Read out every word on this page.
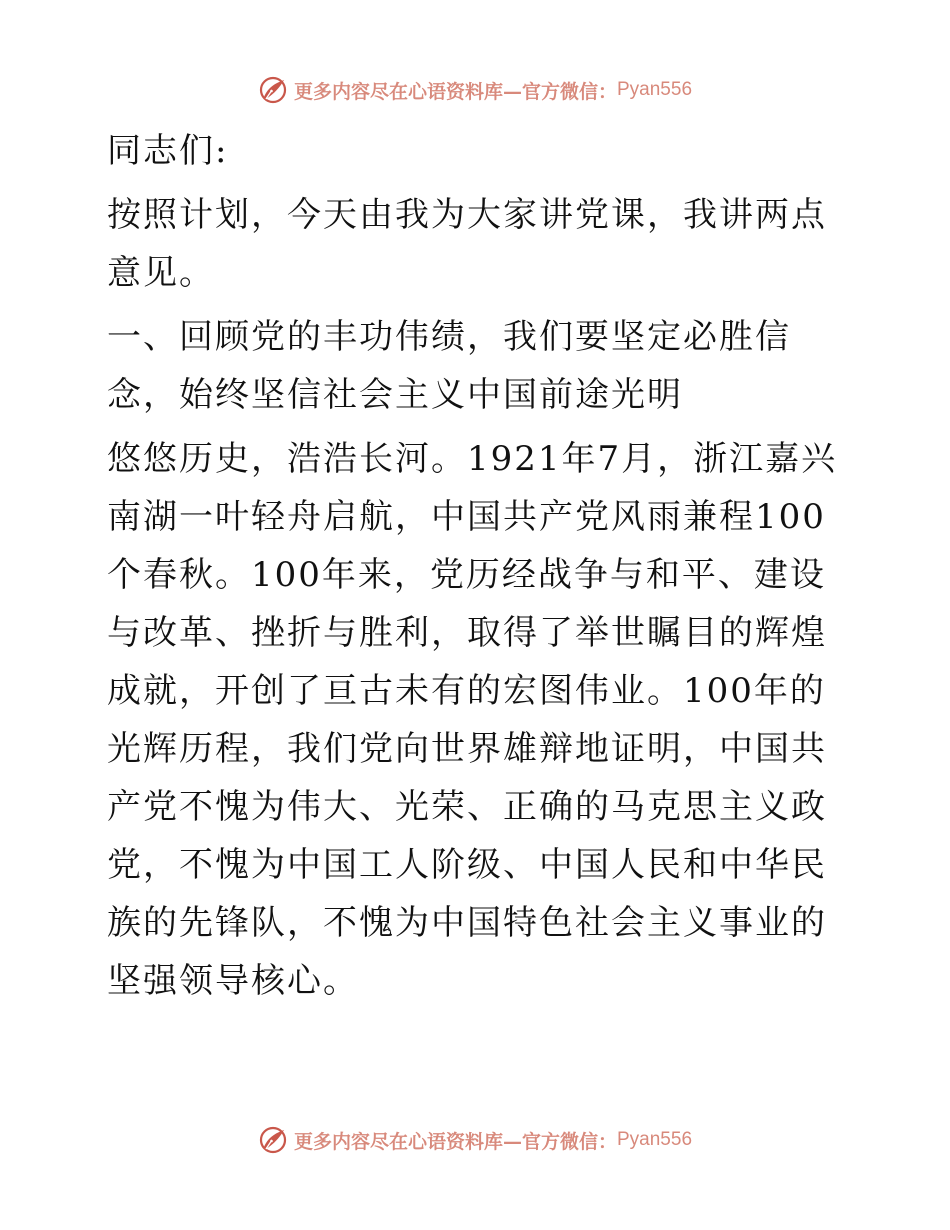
更多内容尽在心语资料库—官方微信： Pyan556

同志们:

按照计划，今天由我为大家讲党课，我讲两点意见。

一、回顾党的丰功伟绩，我们要坚定必胜信念，始终坚信社会主义中国前途光明

悠悠历史，浩浩长河。1921年7月，浙江嘉兴南湖一叶轻舟启航，中国共产党风雨兼程100个春秋。100年来，党历经战争与和平、建设与改革、挫折与胜利，取得了举世瞩目的辉煌成就，开创了亘古未有的宏图伟业。100年的光辉历程，我们党向世界雄辩地证明，中国共产党不愧为伟大、光荣、正确的马克思主义政党，不愧为中国工人阶级、中国人民和中华民族的先锋队，不愧为中国特色社会主义事业的坚强领导核心。

更多内容尽在心语资料库—官方微信： Pyan556
